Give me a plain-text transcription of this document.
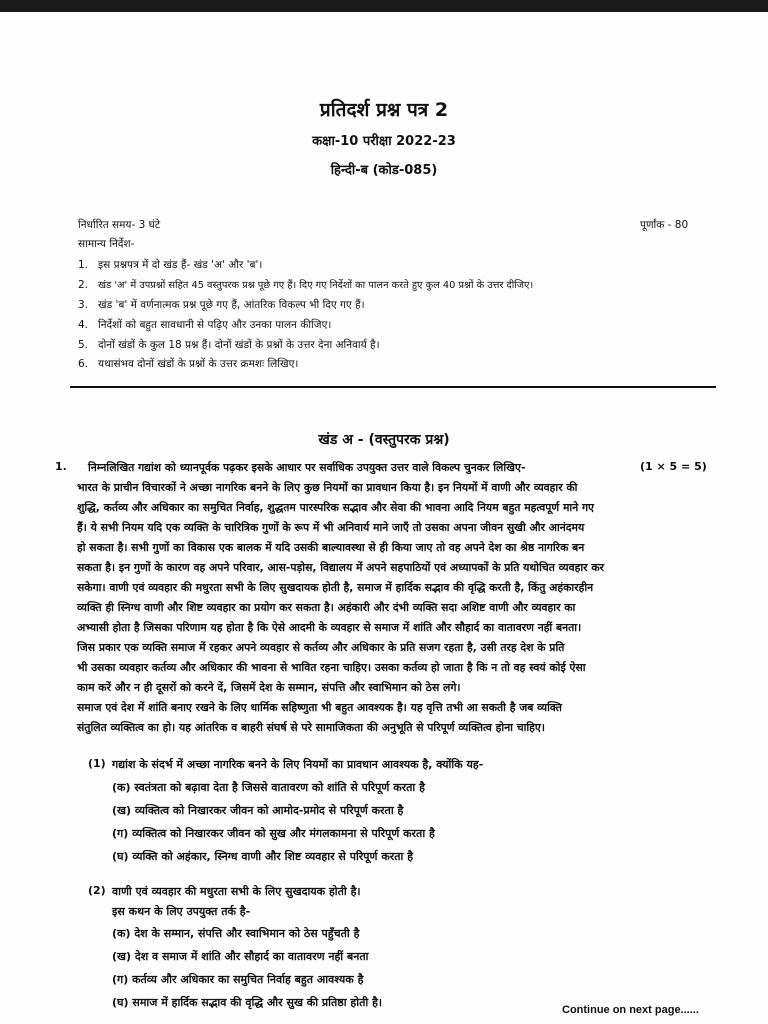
प्रतिदर्श प्रश्न पत्र 2
कक्षा-10 परीक्षा 2022-23
हिन्दी-ब (कोड-085)
निर्धारित समय- 3 घंटे	पूर्णांक - 80
सामान्य निर्देश-
1. इस प्रश्नपत्र में दो खंड हैं- खंड 'अ' और 'ब'।
2. खंड 'अ' में उपप्रश्नों सहित 45 वस्तुपरक प्रश्न पूछे गए हैं। दिए गए निर्देशों का पालन करते हुए कुल 40 प्रश्नों के उत्तर दीजिए।
3. खंड 'ब' में वर्णनात्मक प्रश्न पूछे गए हैं, आंतरिक विकल्प भी दिए गए हैं।
4. निर्देशों को बहुत सावधानी से पढ़िए और उनका पालन कीजिए।
5. दोनों खंडों के कुल 18 प्रश्न हैं। दोनों खंडों के प्रश्नों के उत्तर देना अनिवार्य है।
6. यथासंभव दोनों खंडों के प्रश्नों के उत्तर क्रमशः लिखिए।
खंड अ - (वस्तुपरक प्रश्न)
1. निम्नलिखित गद्यांश को ध्यानपूर्वक पढ़कर इसके आधार पर सर्वाधिक उपयुक्त उत्तर वाले विकल्प चुनकर लिखिए-	(1 × 5 = 5)
भारत के प्राचीन विचारकों ने अच्छा नागरिक बनने के लिए कुछ नियमों का प्रावधान किया है। इन नियमों में वाणी और व्यवहार की
शुद्धि, कर्तव्य और अधिकार का समुचित निर्वाह, शुद्धतम पारस्परिक सद्भाव और सेवा की भावना आदि नियम बहुत महत्वपूर्ण माने गए
हैं। ये सभी नियम यदि एक व्यक्ति के चारित्रिक गुणों के रूप में भी अनिवार्य माने जाएँ तो उसका अपना जीवन सुखी और आनंदमय
हो सकता है। सभी गुणों का विकास एक बालक में यदि उसकी बाल्यावस्था से ही किया जाए तो वह अपने देश का श्रेष्ठ नागरिक बन
सकता है। इन गुणों के कारण वह अपने परिवार, आस-पड़ोस, विद्यालय में अपने सहपाठियों एवं अध्यापकों के प्रति यथोचित व्यवहार कर
सकेगा। वाणी एवं व्यवहार की मधुरता सभी के लिए सुखदायक होती है, समाज में हार्दिक सद्भाव की वृद्धि करती है, किंतु अहंकारहीन
व्यक्ति ही स्निग्ध वाणी और शिष्ट व्यवहार का प्रयोग कर सकता है। अहंकारी और दंभी व्यक्ति सदा अशिष्ट वाणी और व्यवहार का
अभ्यासी होता है जिसका परिणाम यह होता है कि ऐसे आदमी के व्यवहार से समाज में शांति और सौहार्द का वातावरण नहीं बनता।
जिस प्रकार एक व्यक्ति समाज में रहकर अपने व्यवहार से कर्तव्य और अधिकार के प्रति सजग रहता है, उसी तरह देश के प्रति
भी उसका व्यवहार कर्तव्य और अधिकार की भावना से भावित रहना चाहिए। उसका कर्तव्य हो जाता है कि न तो वह स्वयं कोई ऐसा
काम करें और न ही दूसरों को करने दें, जिसमें देश के सम्मान, संपत्ति और स्वाभिमान को ठेस लगे।
समाज एवं देश में शांति बनाए रखने के लिए धार्मिक सहिष्णुता भी बहुत आवश्यक है। यह वृत्ति तभी आ सकती है जब व्यक्ति
संतुलित व्यक्तित्व का हो। यह आंतरिक व बाहरी संघर्ष से परे सामाजिकता की अनुभूति से परिपूर्ण व्यक्तित्व होना चाहिए।
(1) गद्यांश के संदर्भ में अच्छा नागरिक बनने के लिए नियमों का प्रावधान आवश्यक है, क्योंकि यह-
(क) स्वतंत्रता को बढ़ावा देता है जिससे वातावरण को शांति से परिपूर्ण करता है
(ख) व्यक्तित्व को निखारकर जीवन को आमोद-प्रमोद से परिपूर्ण करता है
(ग) व्यक्तित्व को निखारकर जीवन को सुख और मंगलकामना से परिपूर्ण करता है
(घ) व्यक्ति को अहंकार, स्निग्ध वाणी और शिष्ट व्यवहार से परिपूर्ण करता है
(2) वाणी एवं व्यवहार की मधुरता सभी के लिए सुखदायक होती है।
इस कथन के लिए उपयुक्त तर्क है-
(क) देश के सम्मान, संपत्ति और स्वाभिमान को ठेस पहुँचती है
(ख) देश व समाज में शांति और सौहार्द का वातावरण नहीं बनता
(ग) कर्तव्य और अधिकार का समुचित निर्वाह बहुत आवश्यक है
(घ) समाज में हार्दिक सद्भाव की वृद्धि और सुख की प्रतिष्ठा होती है।
Continue on next page......
